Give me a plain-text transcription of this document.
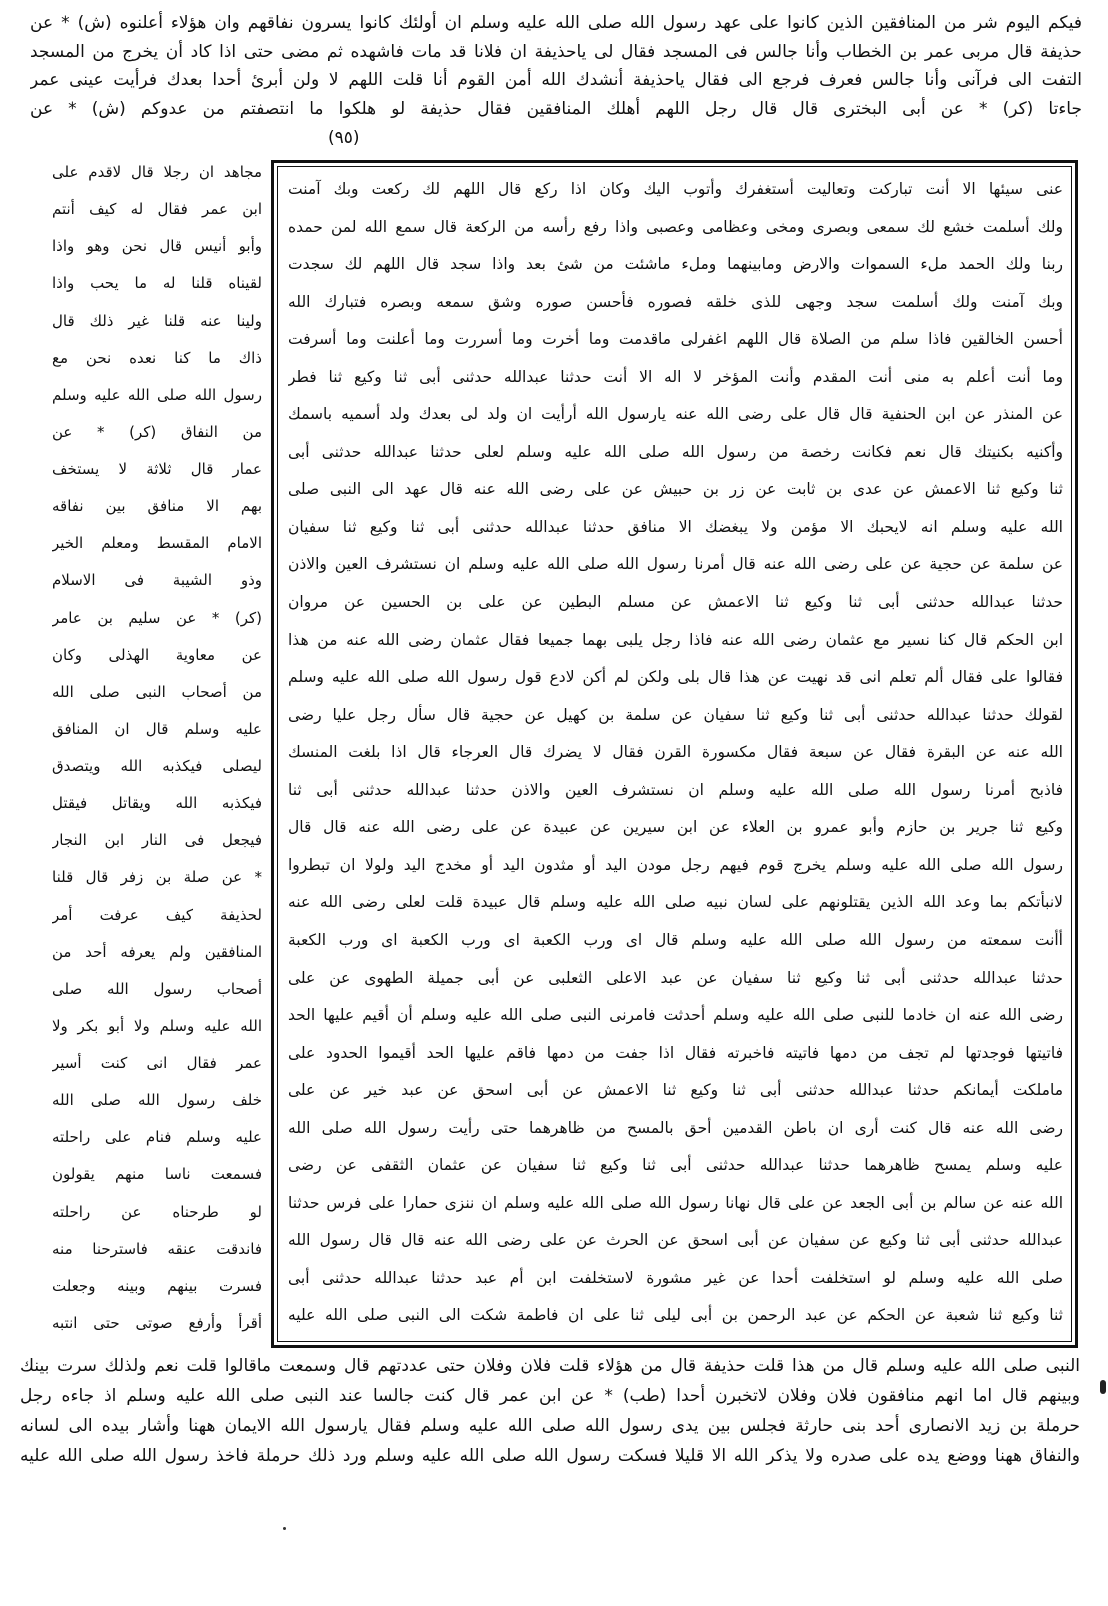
فيكم اليوم شر من المنافقين الذين كانوا على عهد رسول الله صلى الله عليه وسلم ان أولئك كانوا يسرون نفاقهم وان هؤلاء أعلنوه (ش) * عن
حذيفة قال مربى عمر بن الخطاب وأنا جالس فى المسجد فقال لى ياحذيفة ان فلانا قد مات فاشهده ثم مضى حتى اذا كاد أن يخرج من المسجد
التفت الى فرآنى وأنا جالس فعرف فرجع الى فقال ياحذيفة أنشدك الله أمن القوم أنا قلت اللهم لا ولن أبرئ أحدا بعدك فرأيت عينى عمر
جاءتا (كر) * عن أبى البخترى قال قال رجل اللهم أهلك المنافقين فقال حذيفة لو هلكوا ما انتصفتم من عدوكم (ش) * عن
عنى سيئها الا أنت تباركت وتعاليت أستغفرك وأتوب اليك وكان اذا ركع قال اللهم لك ركعت وبك آمنت
ولك أسلمت خشع لك سمعى وبصرى ومخى وعظامى وعصبى واذا رفع رأسه من الركعة قال سمع الله لمن حمده
ربنا ولك الحمد ملء السموات والارض ومابينهما وملء ماشئت من شئ بعد واذا سجد قال اللهم لك سجدت
وبك آمنت ولك أسلمت سجد وجهى للذى خلقه فصوره فأحسن صوره وشق سمعه وبصره فتبارك الله
أحسن الخالقين فاذا سلم من الصلاة قال اللهم اغفرلى ماقدمت وما أخرت وما أسررت وما أعلنت وما أسرفت
وما أنت أعلم به منى أنت المقدم وأنت المؤخر لا اله الا أنت حدثنا عبدالله حدثنى أبى ثنا وكيع ثنا فطر
عن المنذر عن ابن الحنفية قال قال على رضى الله عنه يارسول الله أرأيت ان ولد لى بعدك ولد أسميه باسمك
وأكنيه بكنيتك قال نعم فكانت رخصة من رسول الله صلى الله عليه وسلم لعلى حدثنا عبدالله حدثنى أبى
ثنا وكيع ثنا الاعمش عن عدى بن ثابت عن زر بن حبيش عن على رضى الله عنه قال عهد الى النبى صلى
الله عليه وسلم انه لايحبك الا مؤمن ولا يبغضك الا منافق حدثنا عبدالله حدثنى أبى ثنا وكيع ثنا سفيان
عن سلمة عن حجية عن على رضى الله عنه قال أمرنا رسول الله صلى الله عليه وسلم ان نستشرف العين والاذن
حدثنا عبدالله حدثنى أبى ثنا وكيع ثنا الاعمش عن مسلم البطين عن على بن الحسين عن مروان
ابن الحكم قال كنا نسير مع عثمان رضى الله عنه فاذا رجل يلبى بهما جميعا فقال عثمان رضى الله عنه من هذا
فقالوا على فقال ألم تعلم انى قد نهيت عن هذا قال بلى ولكن لم أكن لادع قول رسول الله صلى الله عليه وسلم
لقولك حدثنا عبدالله حدثنى أبى ثنا وكيع ثنا سفيان عن سلمة بن كهيل عن حجية قال سأل رجل عليا رضى
الله عنه عن البقرة فقال عن سبعة فقال مكسورة القرن فقال لا يضرك قال العرجاء قال اذا بلغت المنسك
فاذبح أمرنا رسول الله صلى الله عليه وسلم ان نستشرف العين والاذن حدثنا عبدالله حدثنى أبى ثنا
وكيع ثنا جرير بن حازم وأبو عمرو بن العلاء عن ابن سيرين عن عبيدة عن على رضى الله عنه قال قال
رسول الله صلى الله عليه وسلم يخرج قوم فيهم رجل مودن اليد أو مثدون اليد أو مخدج اليد ولولا ان تبطروا
لانبأتكم بما وعد الله الذين يقتلونهم على لسان نبيه صلى الله عليه وسلم قال عبيدة قلت لعلى رضى الله عنه
أأنت سمعته من رسول الله صلى الله عليه وسلم قال اى ورب الكعبة اى ورب الكعبة اى ورب الكعبة
حدثنا عبدالله حدثنى أبى ثنا وكيع ثنا سفيان عن عبد الاعلى الثعلبى عن أبى جميلة الطهوى عن على
رضى الله عنه ان خادما للنبى صلى الله عليه وسلم أحدثت فامرنى النبى صلى الله عليه وسلم أن أقيم عليها الحد
فاتيتها فوجدتها لم تجف من دمها فاتيته فاخبرته فقال اذا جفت من دمها فاقم عليها الحد أقيموا الحدود على
ماملكت أيمانكم حدثنا عبدالله حدثنى أبى ثنا وكيع ثنا الاعمش عن أبى اسحق عن عبد خير عن على
رضى الله عنه قال كنت أرى ان باطن القدمين أحق بالمسح من ظاهرهما حتى رأيت رسول الله صلى الله
عليه وسلم يمسح ظاهرهما حدثنا عبدالله حدثنى أبى ثنا وكيع ثنا سفيان عن عثمان الثقفى عن رضى
الله عنه عن سالم بن أبى الجعد عن على قال نهانا رسول الله صلى الله عليه وسلم ان ننزى حمارا على فرس حدثنا
عبدالله حدثنى أبى ثنا وكيع عن سفيان عن أبى اسحق عن الحرث عن على رضى الله عنه قال قال رسول الله
صلى الله عليه وسلم لو استخلفت أحدا عن غير مشورة لاستخلفت ابن أم عبد حدثنا عبدالله حدثنى أبى
ثنا وكيع ثنا شعبة عن الحكم عن عبد الرحمن بن أبى ليلى ثنا على ان فاطمة شكت الى النبى صلى الله عليه
مجاهد ان رجلا قال لاقدم على
ابن عمر فقال له كيف أنتم
وأبو أنيس قال نحن وهو واذا
لقيناه قلنا له ما يحب واذا
ولينا عنه قلنا غير ذلك قال
ذاك ما كنا نعده نحن مع
رسول الله صلى الله عليه وسلم
من النفاق (كر) * عن
عمار قال ثلاثة لا يستخف
بهم الا منافق بين نفاقه
الامام المقسط ومعلم الخير
وذو الشيبة فى الاسلام
(كر) * عن سليم بن عامر
عن معاوية الهذلى وكان
من أصحاب النبى صلى الله
عليه وسلم قال ان المنافق
ليصلى فيكذبه الله ويتصدق
فيكذبه الله ويقاتل فيقتل
فيجعل فى النار ابن النجار
* عن صلة بن زفر قال قلنا
لحذيفة كيف عرفت أمر
المنافقين ولم يعرفه أحد من
أصحاب رسول الله صلى
الله عليه وسلم ولا أبو بكر ولا
عمر فقال انى كنت أسير
خلف رسول الله صلى الله
عليه وسلم فنام على راحلته
فسمعت ناسا منهم يقولون
لو طرحناه عن راحلته
فاندقت عنقه فاسترحنا منه
فسرت بينهم وبينه وجعلت
أقرأ وأرفع صوتى حتى انتبه
النبى صلى الله عليه وسلم قال من هذا قلت حذيفة قال من هؤلاء قلت فلان وفلان حتى عددتهم قال وسمعت ماقالوا قلت نعم ولذلك سرت بينك
وبينهم قال اما انهم منافقون فلان وفلان لاتخبرن أحدا (طب) * عن ابن عمر قال كنت جالسا عند النبى صلى الله عليه وسلم اذ جاءه رجل
حرملة بن زيد الانصارى أحد بنى حارثة فجلس بين يدى رسول الله صلى الله عليه وسلم فقال يارسول الله الايمان ههنا وأشار بيده الى لسانه
والنفاق ههنا ووضع يده على صدره ولا يذكر الله الا قليلا فسكت رسول الله صلى الله عليه وسلم ورد ذلك حرملة فاخذ رسول الله صلى الله عليه
(٩٥)
